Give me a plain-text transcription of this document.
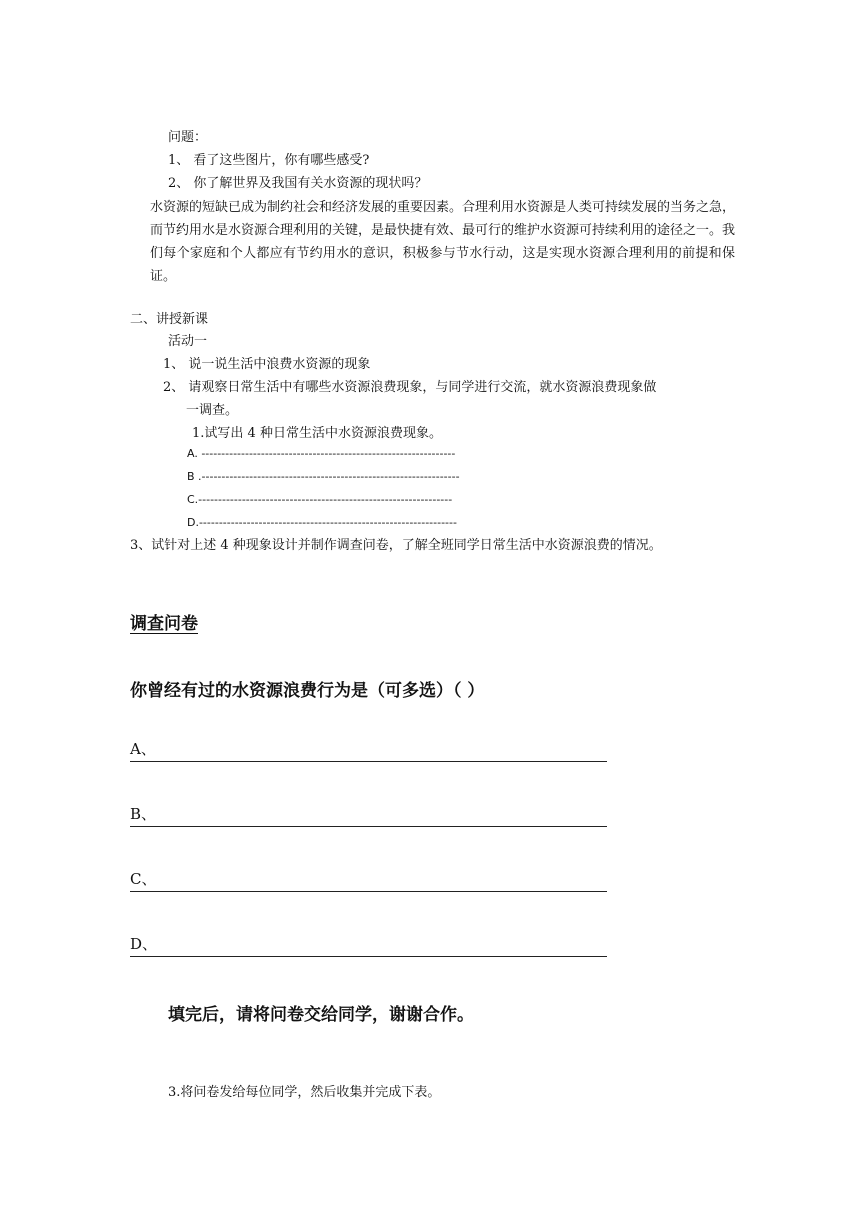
问题：
1、 看了这些图片，你有哪些感受?
2、 你了解世界及我国有关水资源的现状吗？
水资源的短缺已成为制约社会和经济发展的重要因素。合理利用水资源是人类可持续发展的当务之急，而节约用水是水资源合理利用的关键，是最快捷有效、最可行的维护水资源可持续利用的途径之一。我们每个家庭和个人都应有节约用水的意识，积极参与节水行动，这是实现水资源合理利用的前提和保证。
二、讲授新课
活动一
1、 说一说生活中浪费水资源的现象
2、 请观察日常生活中有哪些水资源浪费现象，与同学进行交流，就水资源浪费现象做
一调查。
1.试写出 4 种日常生活中水资源浪费现象。
A. ----------------------------------------------------------------
B .-----------------------------------------------------------------
C.----------------------------------------------------------------
D.-----------------------------------------------------------------
3、试针对上述 4 种现象设计并制作调查问卷，了解全班同学日常生活中水资源浪费的情况。
调查问卷
你曾经有过的水资源浪费行为是（可多选）（ ）
A、
B、
C、
D、
填完后，请将问卷交给同学，谢谢合作。
3.将问卷发给每位同学，然后收集并完成下表。
